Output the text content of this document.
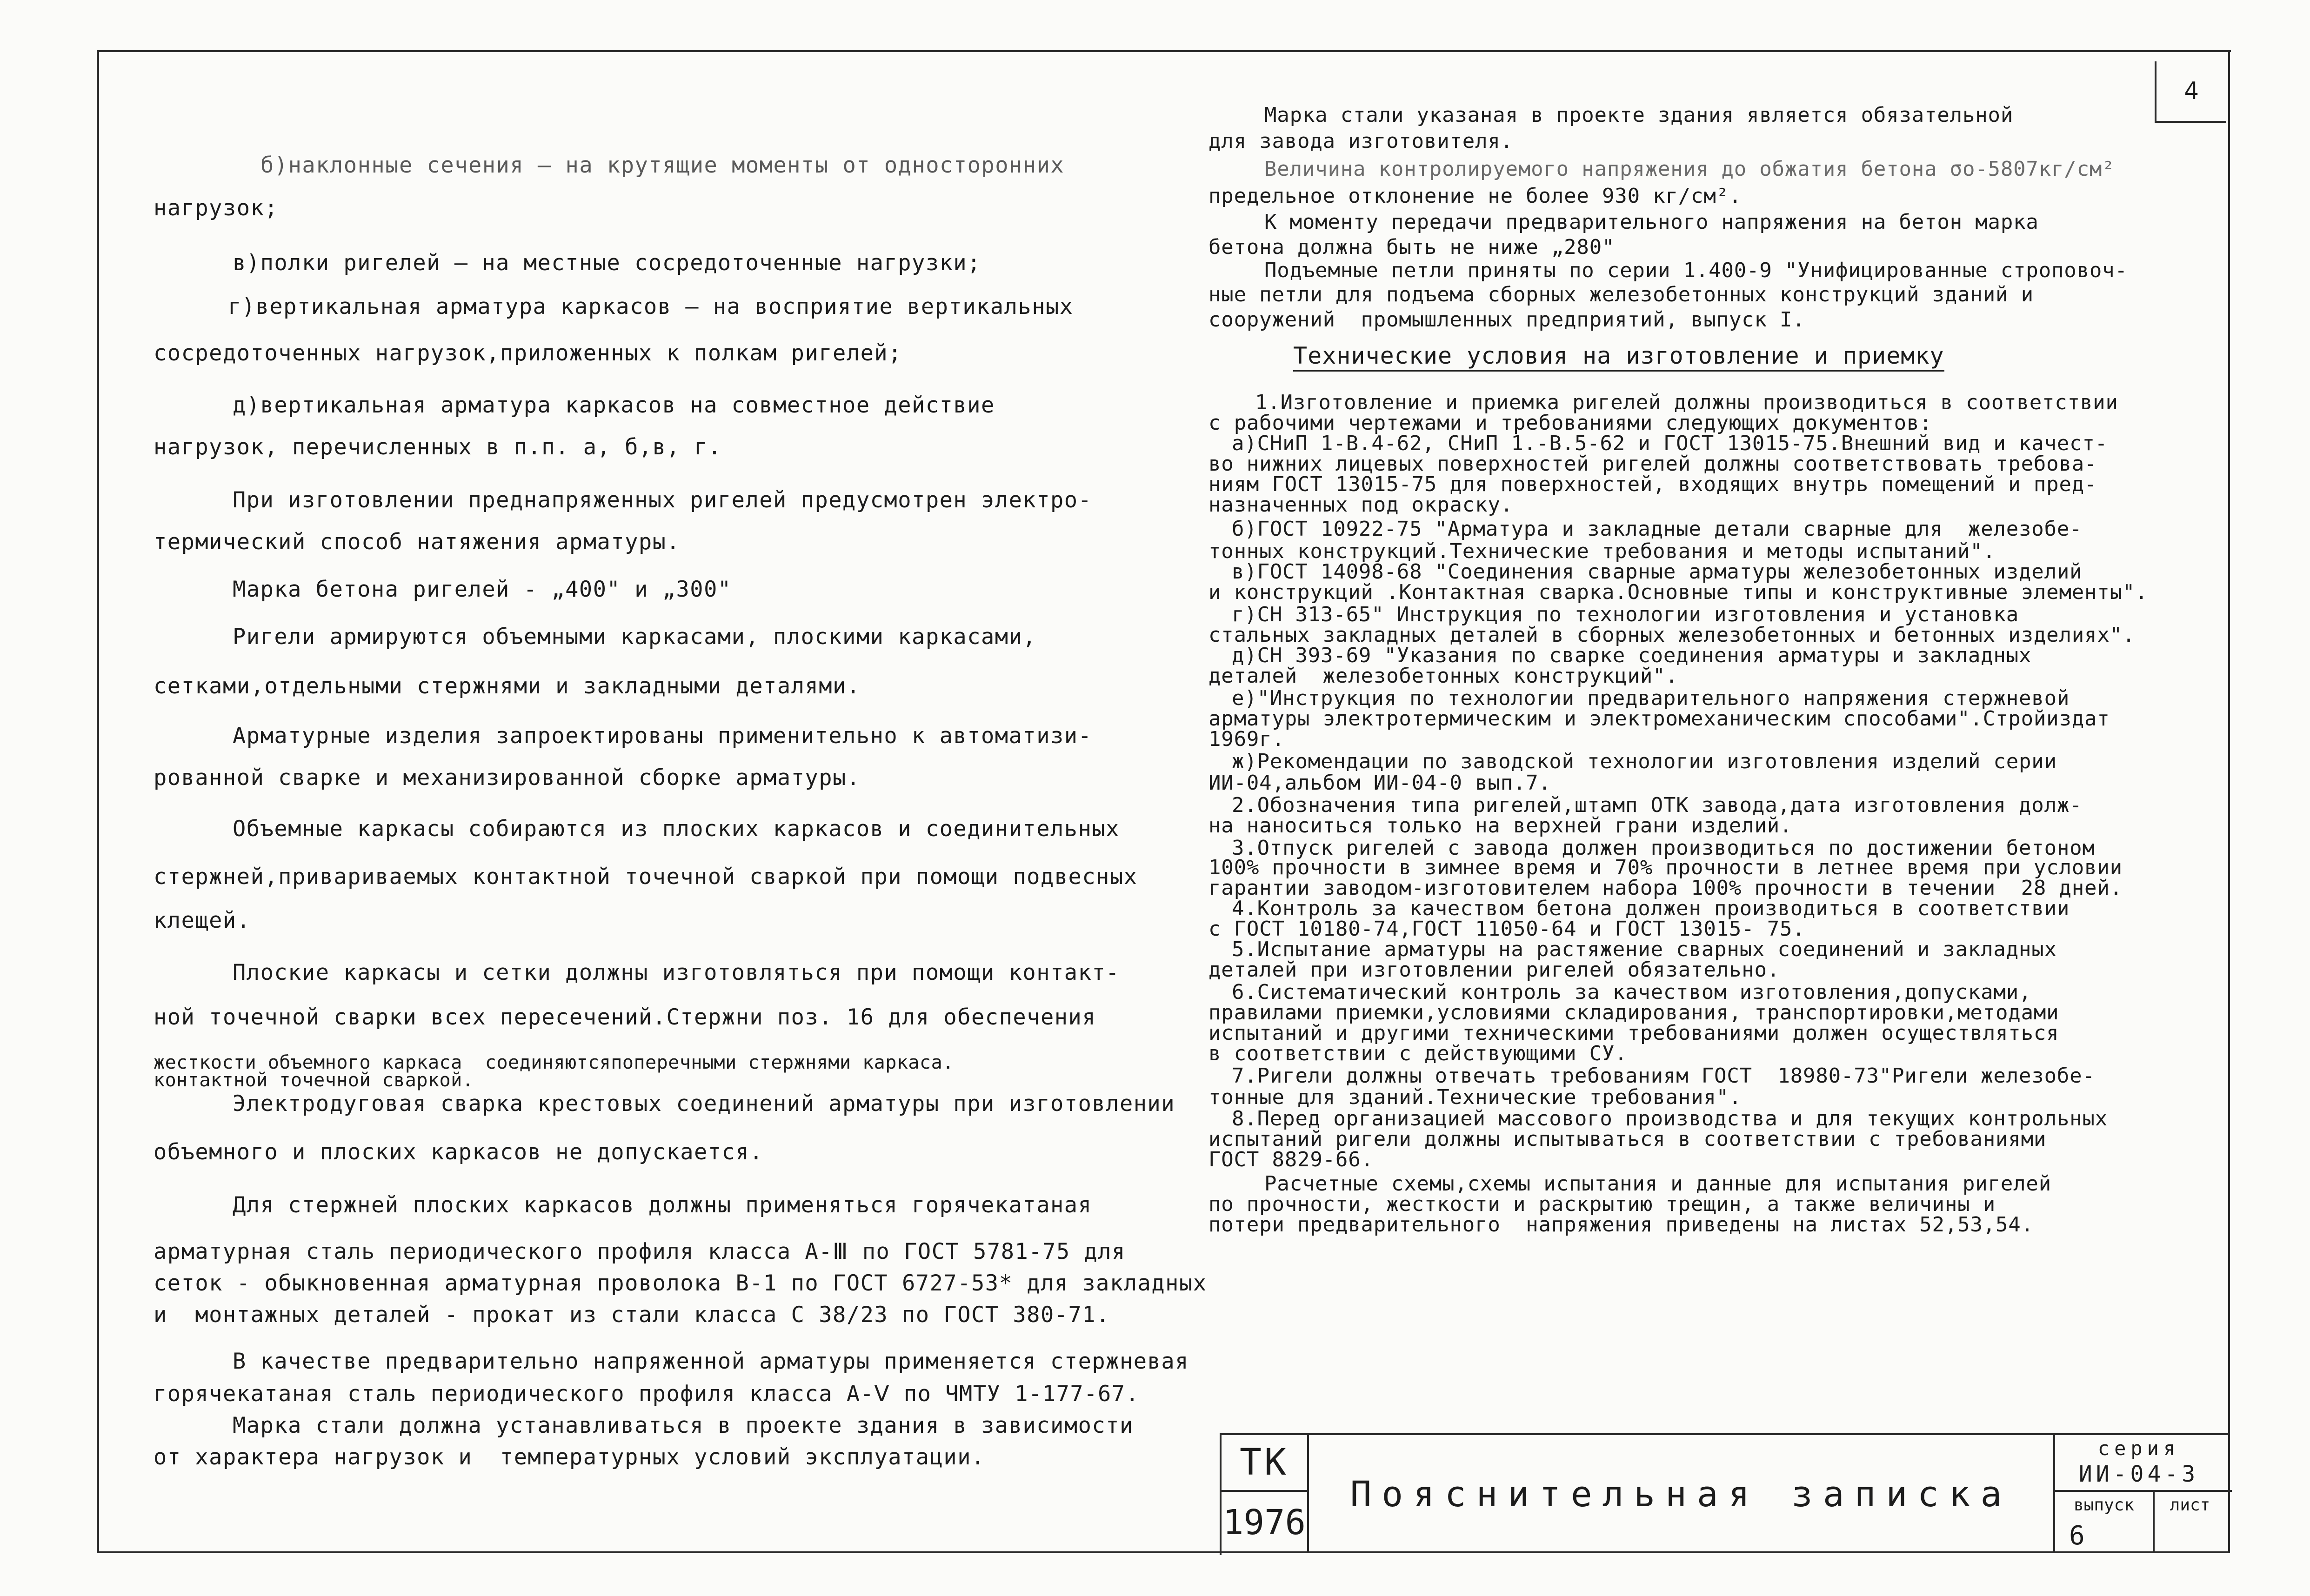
4
б)наклонные сечения — на крутящие моменты от односторонних
нагрузок;
в)полки ригелей — на местные сосредоточенные нагрузки;
г)вертикальная арматура каркасов — на восприятие вертикальных
сосредоточенных нагрузок,приложенных к полкам ригелей;
д)вертикальная арматура каркасов на совместное действие
нагрузок, перечисленных в п.п. а, б,в, г.
При изготовлении преднапряженных ригелей предусмотрен электро-
термический способ натяжения арматуры.
Марка бетона ригелей - „400" и „300"
Ригели армируются объемными каркасами, плоскими каркасами,
сетками,отдельными стержнями и закладными деталями.
Арматурные изделия запроектированы применительно к автоматизи-
рованной сварке и механизированной сборке арматуры.
Объемные каркасы собираются из плоских каркасов и соединительных
стержней,привариваемых контактной точечной сваркой при помощи подвесных
клещей.
Плоские каркасы и сетки должны изготовляться при помощи контакт-
ной точечной сварки всех пересечений.Стержни поз. 16 для обеспечения
жесткости объемного каркаса  соединяютсяпоперечными стержнями каркаса.
контактной точечной сваркой.
Электродуговая сварка крестовых соединений арматуры при изготовлении
объемного и плоских каркасов не допускается.
Для стержней плоских каркасов должны применяться горячекатаная
арматурная сталь периодического профиля класса А-Ⅲ по ГОСТ 5781-75 для
сеток - обыкновенная арматурная проволока В-1 по ГОСТ 6727-53* для закладных
и  монтажных деталей - прокат из стали класса С 38/23 по ГОСТ 380-71.
В качестве предварительно напряженной арматуры применяется стержневая
горячекатаная сталь периодического профиля класса А-Ⅴ по ЧМТУ 1-177-67.
Марка стали должна устанавливаться в проекте здания в зависимости
от характера нагрузок и  температурных условий эксплуатации.
Марка стали указаная в проекте здания является обязательной
для завода изготовителя.
Величина контролируемого напряжения до обжатия бетона σо-5807кг/см²
предельное отклонение не более 930 кг/см².
К моменту передачи предварительного напряжения на бетон марка
бетона должна быть не ниже „280"
Подъемные петли приняты по серии 1.400-9 "Унифицированные строповоч-
ные петли для подъема сборных железобетонных конструкций зданий и
сооружений  промышленных предприятий, выпуск I.
Технические условия на изготовление и приемку
1.Изготовление и приемка ригелей должны производиться в соответствии
с рабочими чертежами и требованиями следующих документов:
а)СНиП 1-В.4-62, СНиП 1.-В.5-62 и ГОСТ 13015-75.Внешний вид и качест-
во нижних лицевых поверхностей ригелей должны соответствовать требова-
ниям ГОСТ 13015-75 для поверхностей, входящих внутрь помещений и пред-
назначенных под окраску.
б)ГОСТ 10922-75 "Арматура и закладные детали сварные для  железобе-
тонных конструкций.Технические требования и методы испытаний".
в)ГОСТ 14098-68 "Соединения сварные арматуры железобетонных изделий
и конструкций .Контактная сварка.Основные типы и конструктивные элементы".
г)СН 313-65" Инструкция по технологии изготовления и установка
стальных закладных деталей в сборных железобетонных и бетонных изделиях".
д)СН 393-69 "Указания по сварке соединения арматуры и закладных
деталей  железобетонных конструкций".
е)"Инструкция по технологии предварительного напряжения стержневой
арматуры электротермическим и электромеханическим способами".Стройиздат
1969г.
ж)Рекомендации по заводской технологии изготовления изделий серии
ИИ-04,альбом ИИ-04-0 вып.7.
2.Обозначения типа ригелей,штамп ОТК завода,дата изготовления долж-
на наноситься только на верхней грани изделий.
3.Отпуск ригелей с завода должен производиться по достижении бетоном
100% прочности в зимнее время и 70% прочности в летнее время при условии
гарантии заводом-изготовителем набора 100% прочности в течении  28 дней.
4.Контроль за качеством бетона должен производиться в соответствии
с ГОСТ 10180-74,ГОСТ 11050-64 и ГОСТ 13015- 75.
5.Испытание арматуры на растяжение сварных соединений и закладных
деталей при изготовлении ригелей обязательно.
6.Систематический контроль за качеством изготовления,допусками,
правилами приемки,условиями складирования, транспортировки,методами
испытаний и другими техническими требованиями должен осуществляться
в соответствии с действующими СУ.
7.Ригели должны отвечать требованиям ГОСТ  18980-73"Ригели железобе-
тонные для зданий.Технические требования".
8.Перед организацией массового производства и для текущих контрольных
испытаний ригели должны испытываться в соответствии с требованиями
ГОСТ 8829-66.
Расчетные схемы,схемы испытания и данные для испытания ригелей
по прочности, жесткости и раскрытию трещин, а также величины и
потери предварительного  напряжения приведены на листах 52,53,54.
ТК
1976
Пояснительная записка
серия
ИИ-04-3
выпуск
6
лист
